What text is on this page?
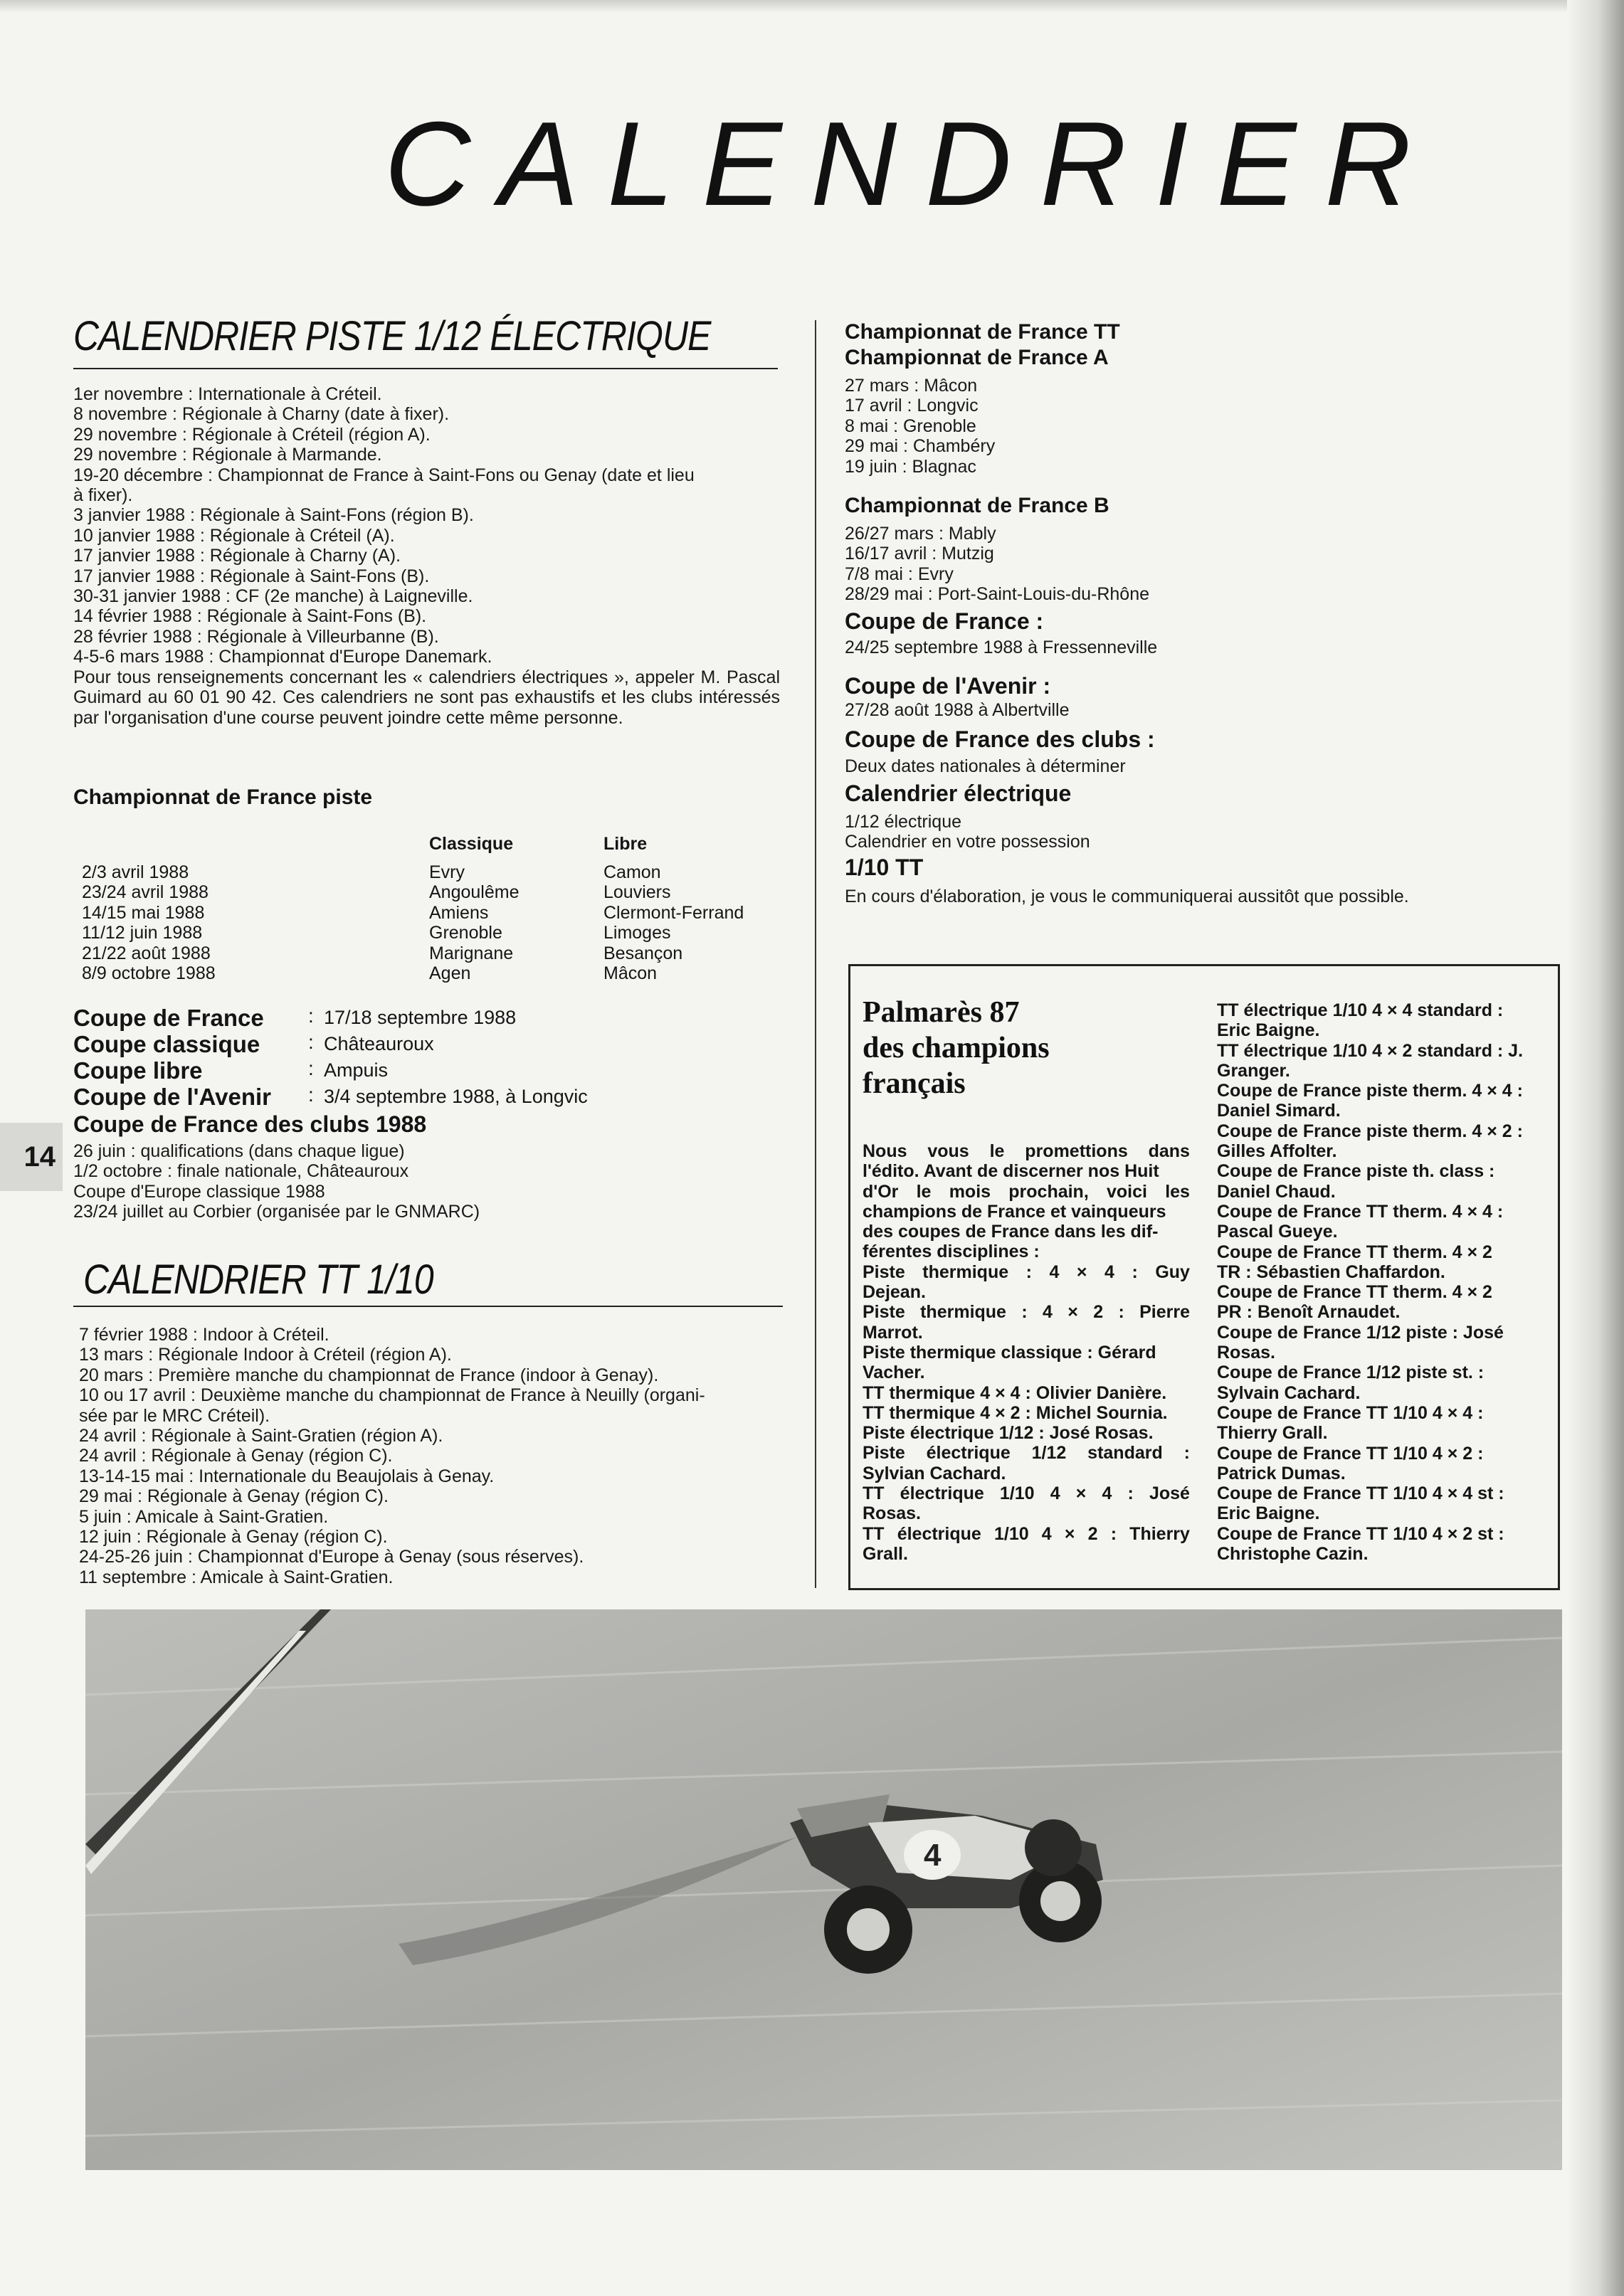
CALENDRIER
CALENDRIER PISTE 1/12 ÉLECTRIQUE
1er novembre : Internationale à Créteil.
8 novembre : Régionale à Charny (date à fixer).
29 novembre : Régionale à Créteil (région A).
29 novembre : Régionale à Marmande.
19-20 décembre : Championnat de France à Saint-Fons ou Genay (date et lieu
à fixer).
3 janvier 1988 : Régionale à Saint-Fons (région B).
10 janvier 1988 : Régionale à Créteil (A).
17 janvier 1988 : Régionale à Charny (A).
17 janvier 1988 : Régionale à Saint-Fons (B).
30-31 janvier 1988 : CF (2e manche) à Laigneville.
14 février 1988 : Régionale à Saint-Fons (B).
28 février 1988 : Régionale à Villeurbanne (B).
4-5-6 mars 1988 : Championnat d'Europe Danemark.
Pour tous renseignements concernant les « calendriers électriques », appeler M. Pascal Guimard au 60 01 90 42. Ces calendriers ne sont pas exhaustifs et les clubs intéressés par l'organisation d'une course peuvent joindre cette même personne.
Championnat de France piste
Classique	Libre
2/3 avril 1988	Evry	Camon
23/24 avril 1988	Angoulême	Louviers
14/15 mai 1988	Amiens	Clermont-Ferrand
11/12 juin 1988	Grenoble	Limoges
21/22 août 1988	Marignane	Besançon
8/9 octobre 1988	Agen	Mâcon
Coupe de France : 17/18 septembre 1988
Coupe classique : Châteauroux
Coupe libre	: Ampuis
Coupe de l'Avenir : 3/4 septembre 1988, à Longvic
Coupe de France des clubs 1988
26 juin : qualifications (dans chaque ligue)
1/2 octobre : finale nationale, Châteauroux
Coupe d'Europe classique 1988
23/24 juillet au Corbier (organisée par le GNMARC)
CALENDRIER TT 1/10
7 février 1988 : Indoor à Créteil.
13 mars : Régionale Indoor à Créteil (région A).
20 mars : Première manche du championnat de France (indoor à Genay).
10 ou 17 avril : Deuxième manche du championnat de France à Neuilly (organi-
sée par le MRC Créteil).
24 avril : Régionale à Saint-Gratien (région A).
24 avril : Régionale à Genay (région C).
13-14-15 mai : Internationale du Beaujolais à Genay.
29 mai : Régionale à Genay (région C).
5 juin : Amicale à Saint-Gratien.
12 juin : Régionale à Genay (région C).
24-25-26 juin : Championnat d'Europe à Genay (sous réserves).
11 septembre : Amicale à Saint-Gratien.
14
Championnat de France TT
Championnat de France A
27 mars : Mâcon
17 avril : Longvic
8 mai : Grenoble
29 mai : Chambéry
19 juin : Blagnac
Championnat de France B
26/27 mars : Mably
16/17 avril : Mutzig
7/8 mai : Evry
28/29 mai : Port-Saint-Louis-du-Rhône
Coupe de France :
24/25 septembre 1988 à Fressenneville
Coupe de l'Avenir :
27/28 août 1988 à Albertville
Coupe de France des clubs :
Deux dates nationales à déterminer
Calendrier électrique
1/12 électrique
Calendrier en votre possession
1/10 TT
En cours d'élaboration, je vous le communiquerai aussitôt que possible.
Palmarès 87
des champions
français
Nous vous le promettions dans
l'édito. Avant de discerner nos Huit
d'Or le mois prochain, voici les
champions de France et vainqueurs
des coupes de France dans les dif-
férentes disciplines :
Piste thermique : 4 × 4 : Guy
Dejean.
Piste thermique : 4 × 2 : Pierre
Marrot.
Piste thermique classique : Gérard
Vacher.
TT thermique 4 × 4 : Olivier Danière.
TT thermique 4 × 2 : Michel Sournia.
Piste électrique 1/12 : José Rosas.
Piste électrique 1/12 standard :
Sylvian Cachard.
TT électrique 1/10 4 × 4 : José
Rosas.
TT électrique 1/10 4 × 2 : Thierry
Grall.
TT électrique 1/10 4 × 4 standard :
Eric Baigne.
TT électrique 1/10 4 × 2 standard : J.
Granger.
Coupe de France piste therm. 4 × 4 :
Daniel Simard.
Coupe de France piste therm. 4 × 2 :
Gilles Affolter.
Coupe de France piste th. class :
Daniel Chaud.
Coupe de France TT therm. 4 × 4 :
Pascal Gueye.
Coupe de France TT therm. 4 × 2
TR : Sébastien Chaffardon.
Coupe de France TT therm. 4 × 2
PR : Benoît Arnaudet.
Coupe de France 1/12 piste : José
Rosas.
Coupe de France 1/12 piste st. :
Sylvain Cachard.
Coupe de France TT 1/10 4 × 4 :
Thierry Grall.
Coupe de France TT 1/10 4 × 2 :
Patrick Dumas.
Coupe de France TT 1/10 4 × 4 st :
Eric Baigne.
Coupe de France TT 1/10 4 × 2 st :
Christophe Cazin.
4
